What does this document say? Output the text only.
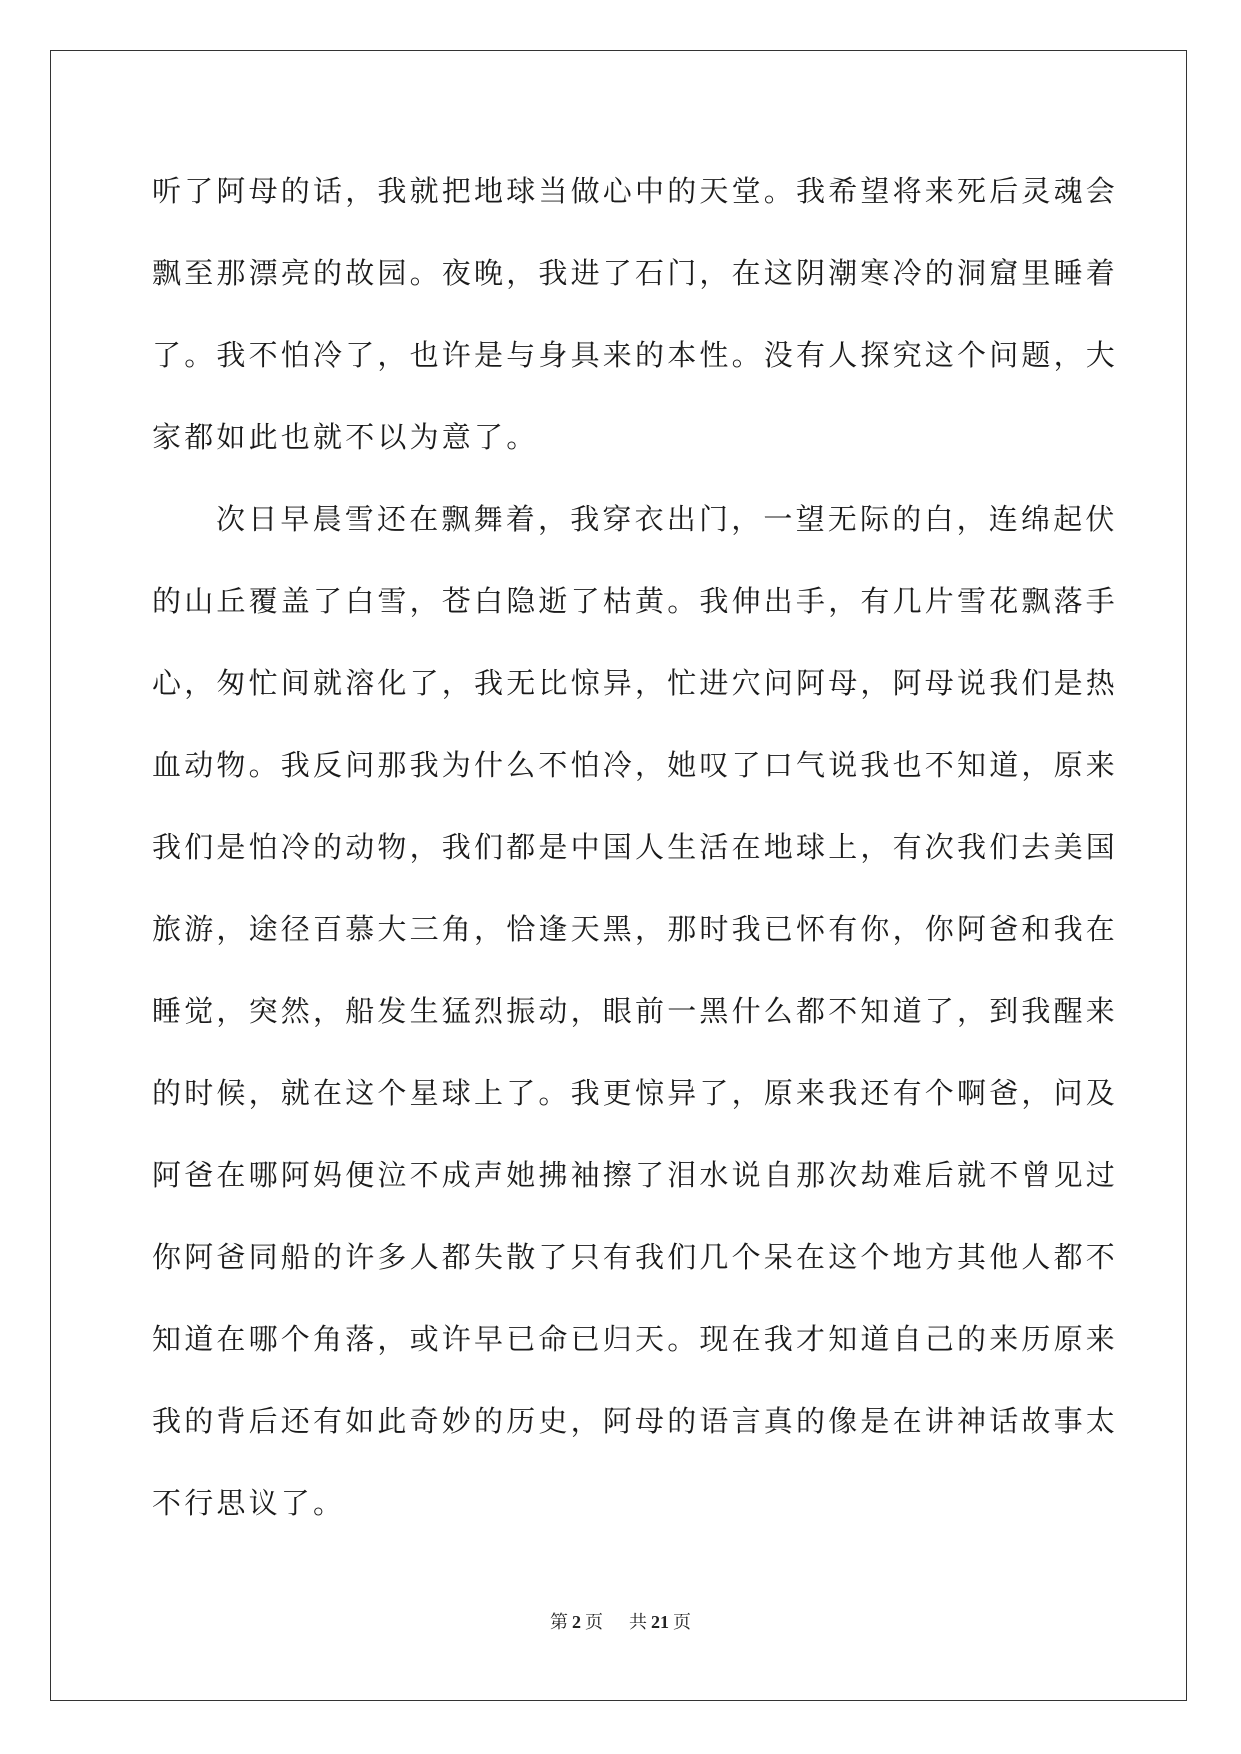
听了阿母的话，我就把地球当做心中的天堂。我希望将来死后灵魂会
飘至那漂亮的故园。夜晚，我进了石门，在这阴潮寒冷的洞窟里睡着
了。我不怕冷了，也许是与身具来的本性。没有人探究这个问题，大
家都如此也就不以为意了。
次日早晨雪还在飘舞着，我穿衣出门，一望无际的白，连绵起伏
的山丘覆盖了白雪，苍白隐逝了枯黄。我伸出手，有几片雪花飘落手
心，匆忙间就溶化了，我无比惊异，忙进穴问阿母，阿母说我们是热
血动物。我反问那我为什么不怕冷，她叹了口气说我也不知道，原来
我们是怕冷的动物，我们都是中国人生活在地球上，有次我们去美国
旅游，途径百慕大三角，恰逢天黑，那时我已怀有你，你阿爸和我在
睡觉，突然，船发生猛烈振动，眼前一黑什么都不知道了，到我醒来
的时候，就在这个星球上了。我更惊异了，原来我还有个啊爸，问及
阿爸在哪阿妈便泣不成声她拂袖擦了泪水说自那次劫难后就不曾见过
你阿爸同船的许多人都失散了只有我们几个呆在这个地方其他人都不
知道在哪个角落，或许早已命已归天。现在我才知道自己的来历原来
我的背后还有如此奇妙的历史，阿母的语言真的像是在讲神话故事太
不行思议了。
第 2 页 共 21 页
